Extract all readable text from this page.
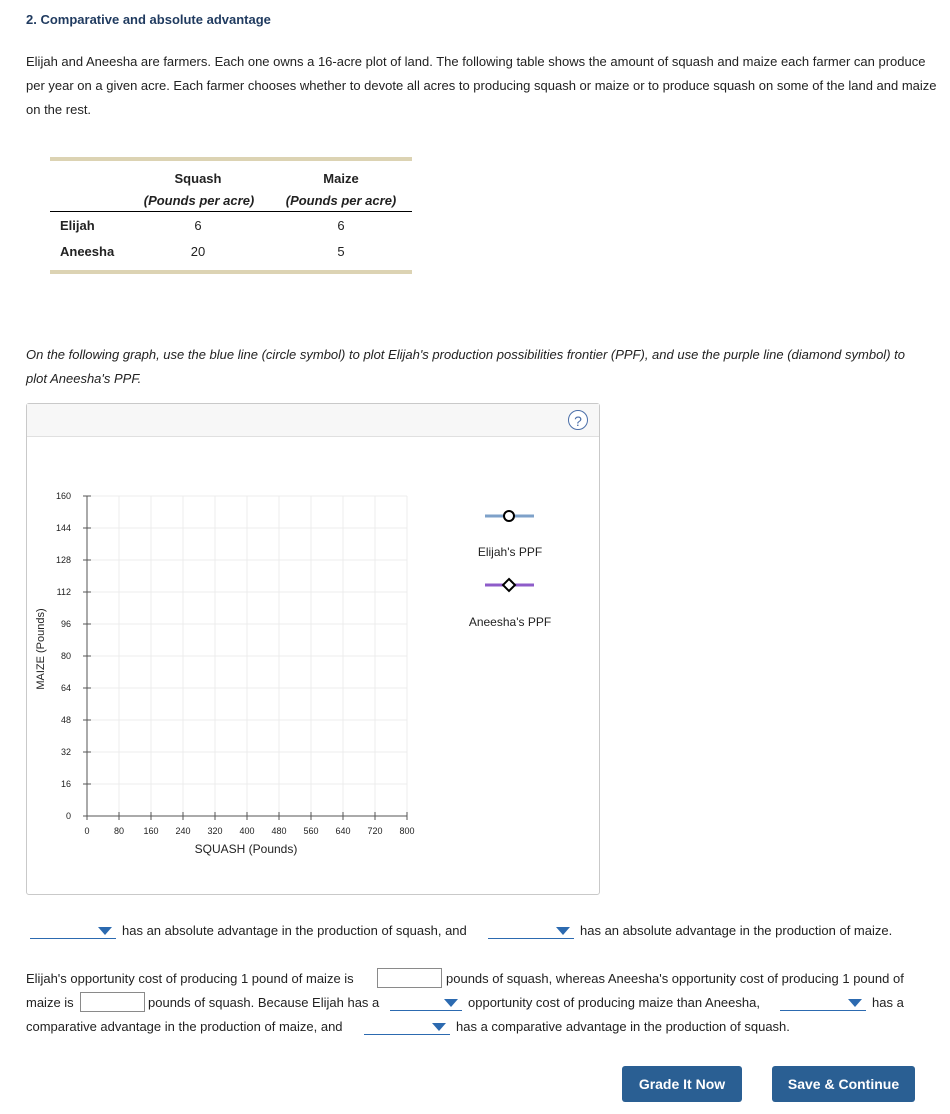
2. Comparative and absolute advantage
Elijah and Aneesha are farmers. Each one owns a 16-acre plot of land. The following table shows the amount of squash and maize each farmer can produce per year on a given acre. Each farmer chooses whether to devote all acres to producing squash or maize or to produce squash on some of the land and maize on the rest.
Squash
(Pounds per acre)
Maize
(Pounds per acre)
Elijah	6	6
Aneesha	20	5
On the following graph, use the blue line (circle symbol) to plot Elijah's production possibilities frontier (PPF), and use the purple line (diamond symbol) to plot Aneesha's PPF.
?
0	80 160 240 320 400 480 560 640 720 800
0
16
32
48
64
80
96
112
128
144
160
MAIZE (Pounds)
SQUASH (Pounds)
Elijah's PPF
Aneesha's PPF
has an absolute advantage in the production of squash, and	has an absolute advantage in the production of maize.
Elijah's opportunity cost of producing 1 pound of maize is	pounds of squash, whereas Aneesha's opportunity cost of producing 1 pound of
maize is	pounds of squash. Because Elijah has a	opportunity cost of producing maize than Aneesha,	has a
comparative advantage in the production of maize, and	has a comparative advantage in the production of squash.
Grade It Now	Save & Continue
